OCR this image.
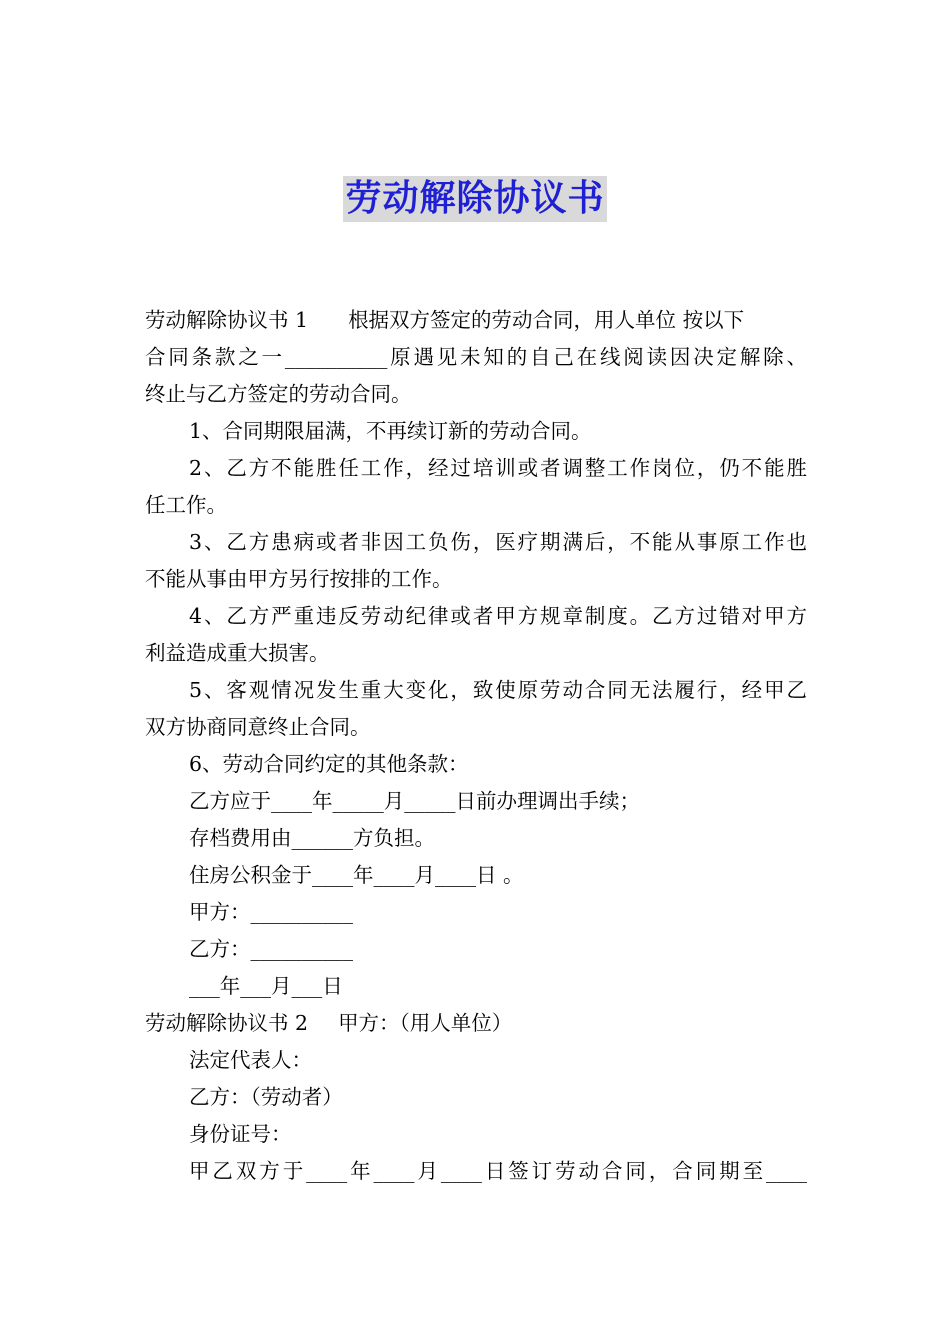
劳动解除协议书
劳动解除协议书 1 根据双方签定的劳动合同，用人单位 按以下
合同条款之一__________原遇见未知的自己在线阅读因决定解除、
终止与乙方签定的劳动合同。
1、合同期限届满，不再续订新的劳动合同。
2、乙方不能胜任工作，经过培训或者调整工作岗位，仍不能胜
任工作。
3、乙方患病或者非因工负伤，医疗期满后，不能从事原工作也
不能从事由甲方另行按排的工作。
4、乙方严重违反劳动纪律或者甲方规章制度。乙方过错对甲方
利益造成重大损害。
5、客观情况发生重大变化，致使原劳动合同无法履行，经甲乙
双方协商同意终止合同。
6、劳动合同约定的其他条款：
乙方应于____年_____月_____日前办理调出手续；
存档费用由______方负担。
住房公积金于____年____月____日 。
甲方：__________
乙方：__________
___年___月___日
劳动解除协议书 2 甲方：（用人单位）
法定代表人：
乙方：（劳动者）
身份证号：
甲乙双方于____年____月____日签订劳动合同，合同期至____
